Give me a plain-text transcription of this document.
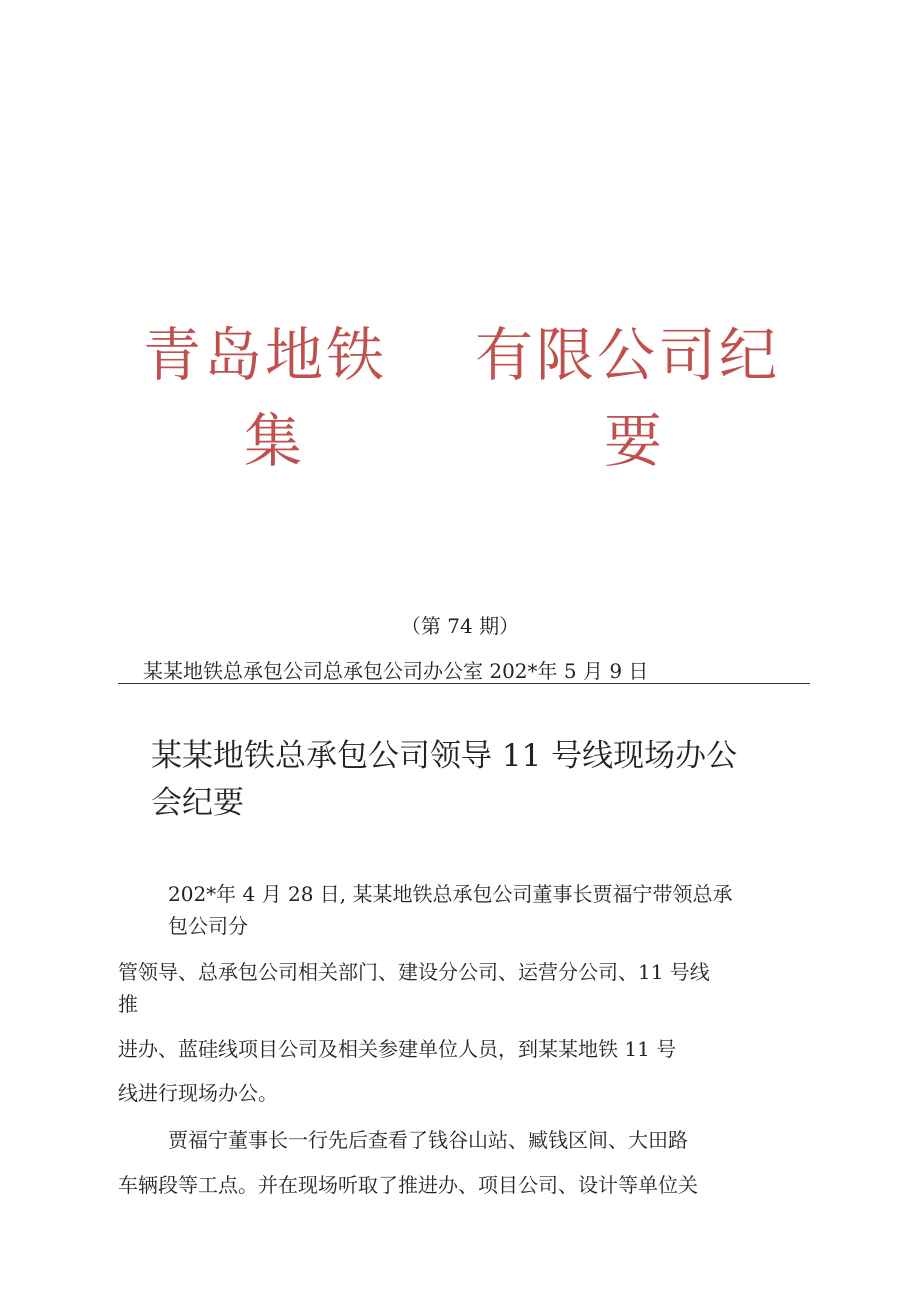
青岛地铁 有限公司纪
集	要
（第 74 期）
某某地铁总承包公司总承包公司办公室 202*年 5 月 9 日
某某地铁总承包公司领导 11 号线现场办公
会纪要
202*年 4 月 28 日, 某某地铁总承包公司董事长贾福宁带领总承
包公司分
管领导、总承包公司相关部门、建设分公司、运营分公司、11 号线
推
进办、蓝硅线项目公司及相关参建单位人员，到某某地铁 11 号
线进行现场办公。
贾福宁董事长一行先后查看了钱谷山站、臧钱区间、大田路
车辆段等工点。并在现场听取了推进办、项目公司、设计等单位关
